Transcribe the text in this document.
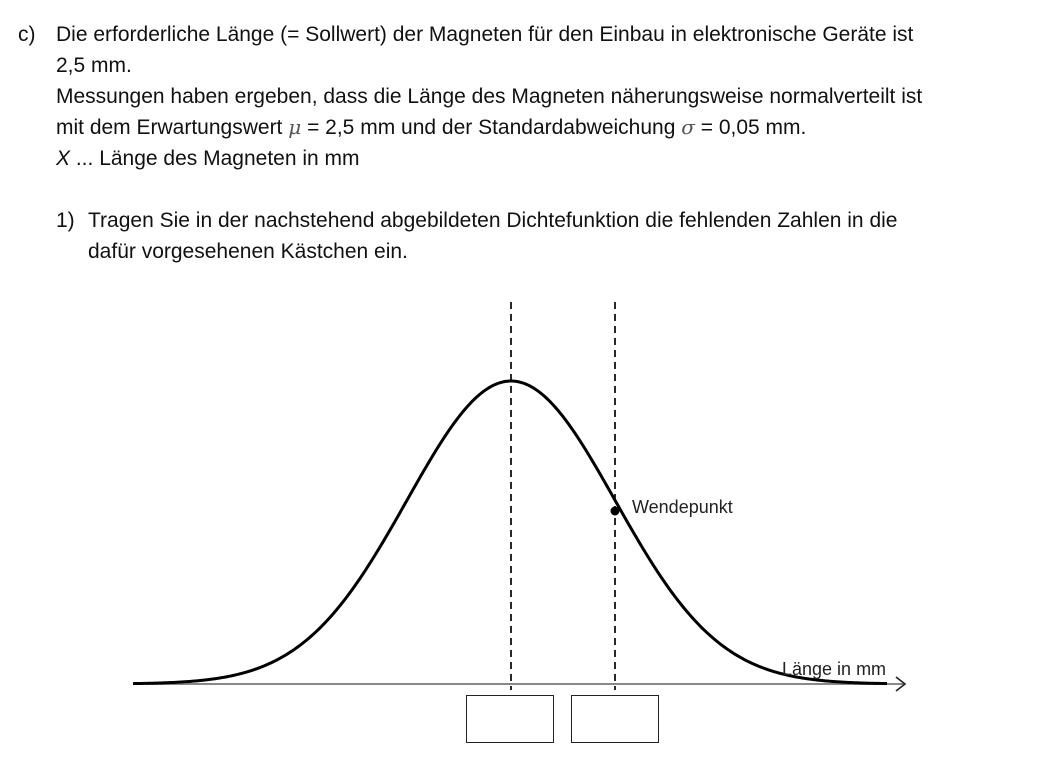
c) Die erforderliche Länge (= Sollwert) der Magneten für den Einbau in elektronische Geräte ist
2,5 mm.
Messungen haben ergeben, dass die Länge des Magneten näherungsweise normalverteilt ist
mit dem Erwartungswert μ = 2,5 mm und der Standardabweichung σ = 0,05 mm.
X ... Länge des Magneten in mm
1) Tragen Sie in der nachstehend abgebildeten Dichtefunktion die fehlenden Zahlen in die
dafür vorgesehenen Kästchen ein.
Wendepunkt
Länge in mm
